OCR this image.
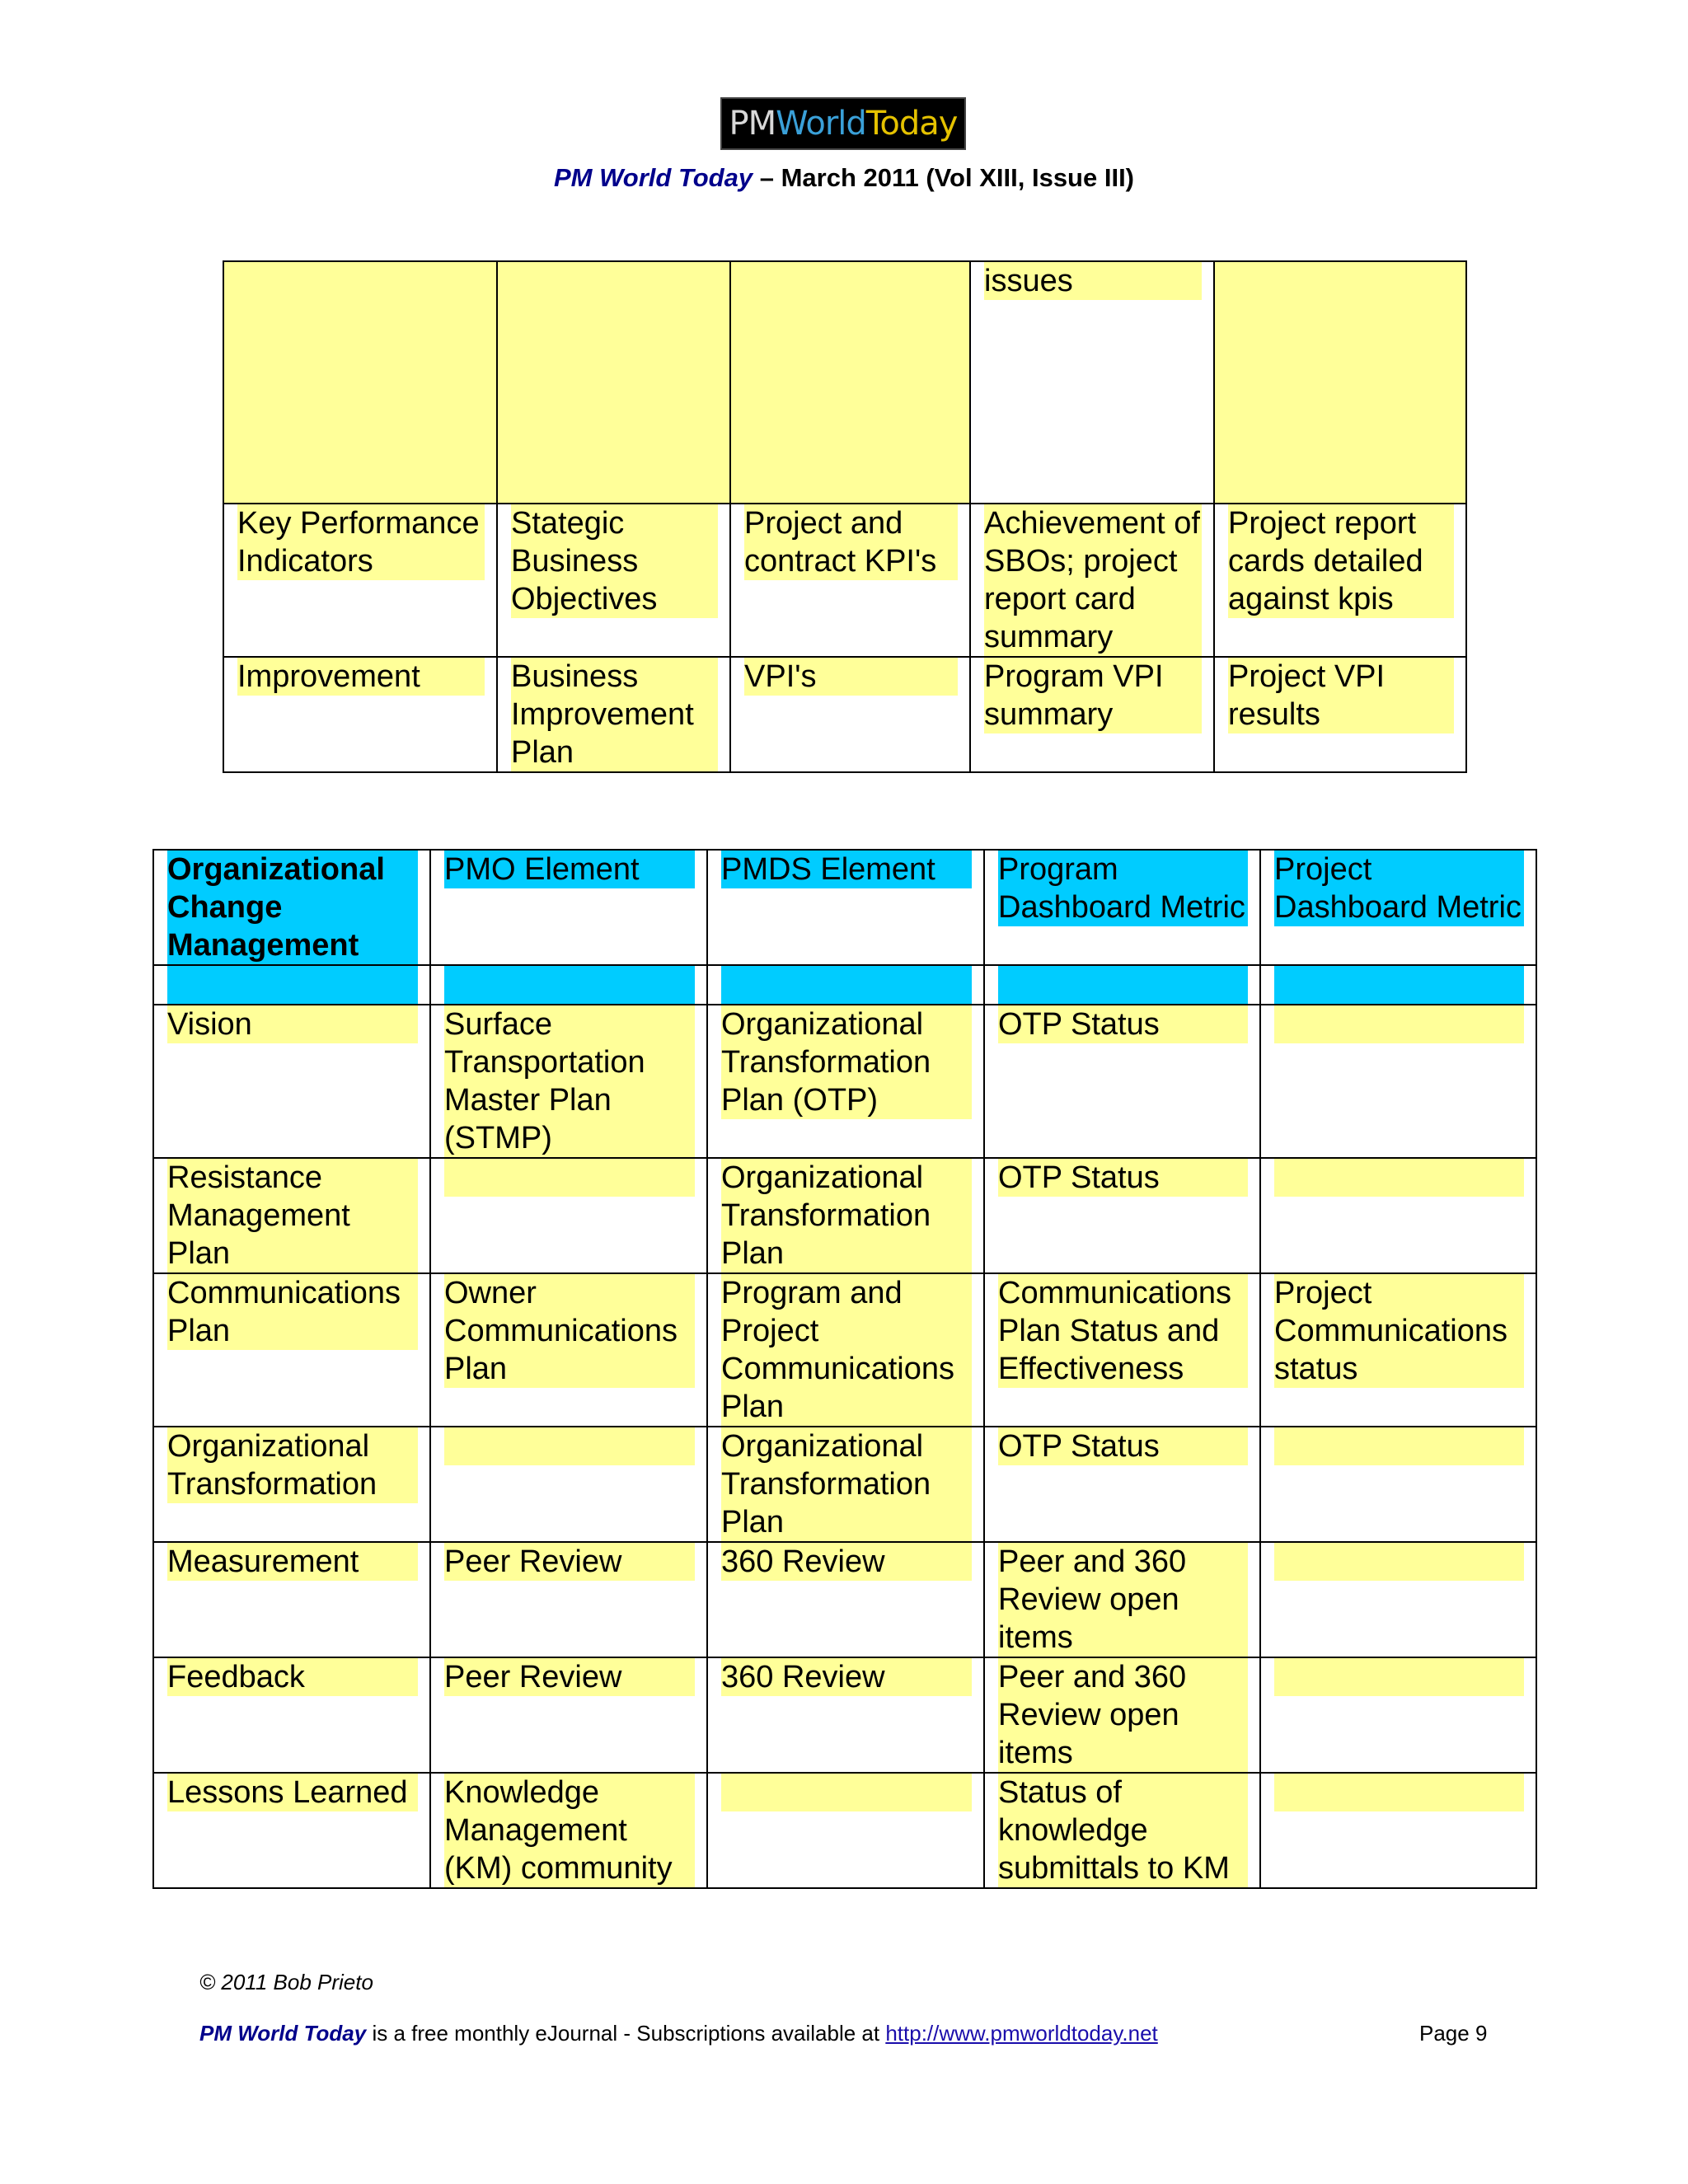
PM World Today
PM World Today – March 2011 (Vol XIII, Issue III)

			issues	

Key Performance Indicators	Stategic Business Objectives	Project and contract KPI's	Achievement of SBOs; project report card summary	Project report cards detailed against kpis

Improvement	Business Improvement Plan	VPI's	Program VPI summary	Project VPI results
Organizational Change Management	PMO Element	PMDS Element	Program Dashboard Metric	Project Dashboard Metric

Vision	Surface Transportation Master Plan (STMP)	Organizational Transformation Plan (OTP)	OTP Status	

Resistance Management Plan		Organizational Transformation Plan	OTP Status	

Communications Plan	Owner Communications Plan	Program and Project Communications Plan	Communications Plan Status and Effectiveness	Project Communications status

Organizational Transformation		Organizational Transformation Plan	OTP Status	

Measurement	Peer Review	360 Review	Peer and 360 Review open items	

Feedback	Peer Review	360 Review	Peer and 360 Review open items	

Lessons Learned	Knowledge Management (KM) community		Status of knowledge submittals to KM	

© 2011 Bob Prieto
PM World Today is a free monthly eJournal - Subscriptions available at http://www.pmworldtoday.net	Page 9
